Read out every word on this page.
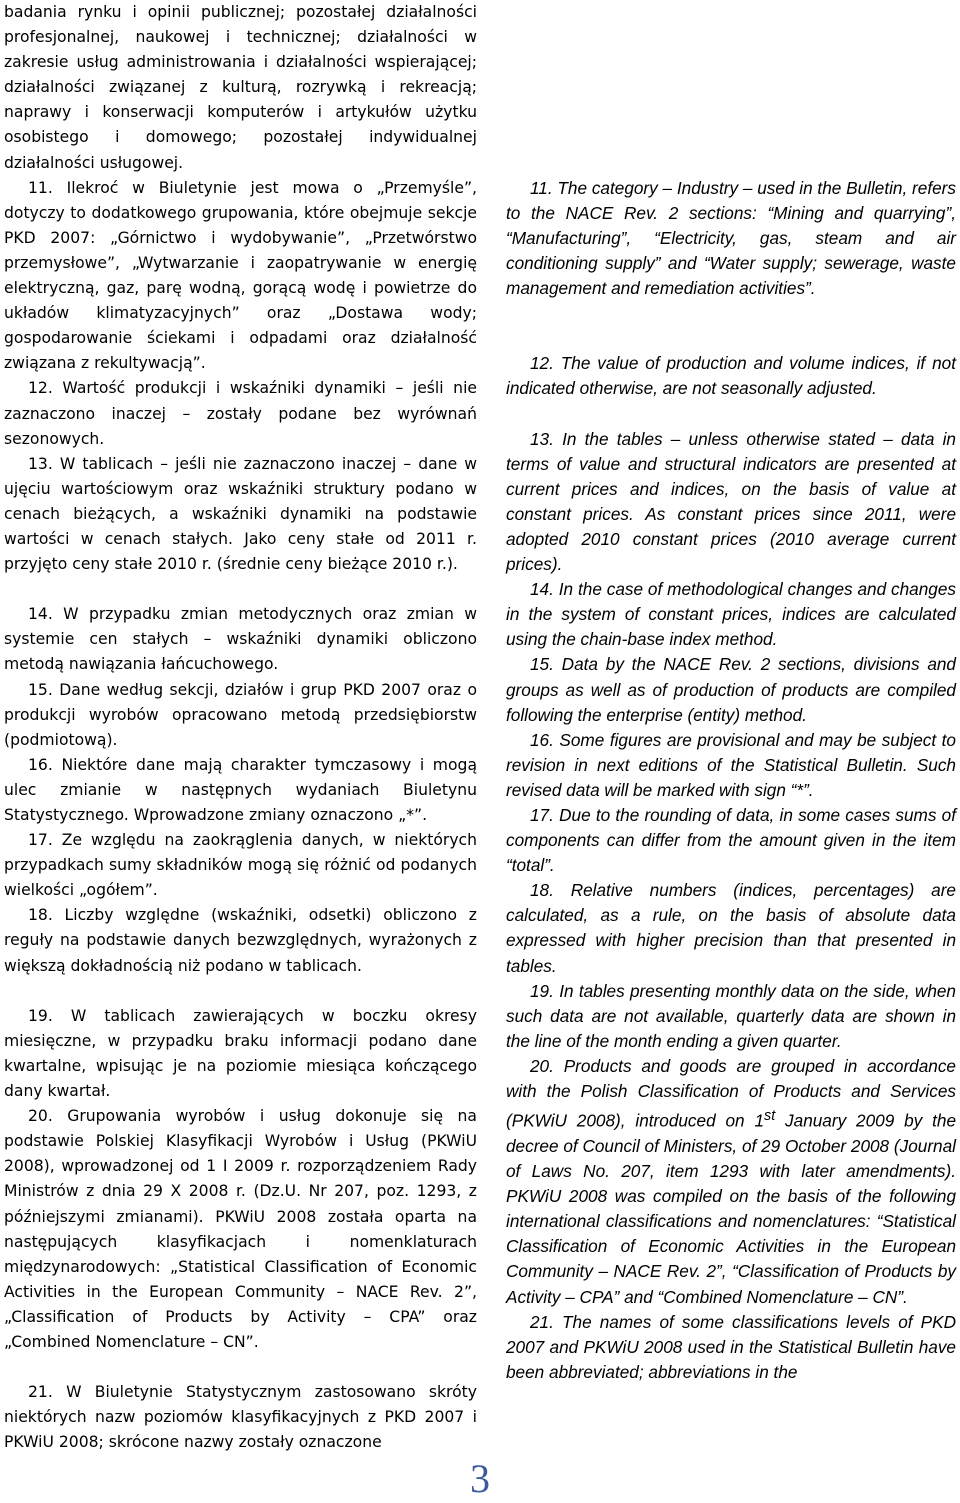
badania rynku i opinii publicznej; pozostałej działalności profesjonalnej, naukowej i technicznej; działalności w zakresie usług administrowania i działalności wspierającej; działalności związanej z kulturą, rozrywką i rekreacją; naprawy i konserwacji komputerów i artykułów użytku osobistego i domowego; pozostałej indywidualnej działalności usługowej.

11. Ilekroć w Biuletynie jest mowa o „Przemyśle”, dotyczy to dodatkowego grupowania, które obejmuje sekcje PKD 2007: „Górnictwo i wydobywanie”, „Przetwórstwo przemysłowe”, „Wytwarzanie i zaopatrywanie w energię elektryczną, gaz, parę wodną, gorącą wodę i powietrze do układów klimatyzacyjnych” oraz „Dostawa wody; gospodarowanie ściekami i odpadami oraz działalność związana z rekultywacją”.

12. Wartość produkcji i wskaźniki dynamiki – jeśli nie zaznaczono inaczej – zostały podane bez wyrównań sezonowych.

13. W tablicach – jeśli nie zaznaczono inaczej – dane w ujęciu wartościowym oraz wskaźniki struktury podano w cenach bieżących, a wskaźniki dynamiki na podstawie wartości w cenach stałych. Jako ceny stałe od 2011 r. przyjęto ceny stałe 2010 r. (średnie ceny bieżące 2010 r.).

14. W przypadku zmian metodycznych oraz zmian w systemie cen stałych – wskaźniki dynamiki obliczono metodą nawiązania łańcuchowego.

15. Dane według sekcji, działów i grup PKD 2007 oraz o produkcji wyrobów opracowano metodą przedsiębiorstw (podmiotową).

16. Niektóre dane mają charakter tymczasowy i mogą ulec zmianie w następnych wydaniach Biuletynu Statystycznego. Wprowadzone zmiany oznaczono „*”.

17. Ze względu na zaokrąglenia danych, w niektórych przypadkach sumy składników mogą się różnić od podanych wielkości „ogółem”.

18. Liczby względne (wskaźniki, odsetki) obliczono z reguły na podstawie danych bezwzględnych, wyrażonych z większą dokładnością niż podano w tablicach.

19. W tablicach zawierających w boczku okresy miesięczne, w przypadku braku informacji podano dane kwartalne, wpisując je na poziomie miesiąca kończącego dany kwartał.

20. Grupowania wyrobów i usług dokonuje się na podstawie Polskiej Klasyfikacji Wyrobów i Usług (PKWiU 2008), wprowadzonej od 1 I 2009 r. rozporządzeniem Rady Ministrów z dnia 29 X 2008 r. (Dz.U. Nr 207, poz. 1293, z późniejszymi zmianami). PKWiU 2008 została oparta na następujących klasyfikacjach i nomenklaturach międzynarodowych: „Statistical Classification of Economic Activities in the European Community – NACE Rev. 2”, „Classification of Products by Activity – CPA” oraz „Combined Nomenclature – CN”.

21. W Biuletynie Statystycznym zastosowano skróty niektórych nazw poziomów klasyfikacyjnych z PKD 2007 i PKWiU 2008; skrócone nazwy zostały oznaczone

11. The category – Industry – used in the Bulletin, refers to the NACE Rev. 2 sections: “Mining and quarrying”, “Manufacturing”, “Electricity, gas, steam and air conditioning supply” and “Water supply; sewerage, waste management and remediation activities”.

12. The value of production and volume indices, if not indicated otherwise, are not seasonally adjusted.

13. In the tables – unless otherwise stated – data in terms of value and structural indicators are presented at current prices and indices, on the basis of value at constant prices. As constant prices since 2011, were adopted 2010 constant prices (2010 average current prices).

14. In the case of methodological changes and changes in the system of constant prices, indices are calculated using the chain-base index method.

15. Data by the NACE Rev. 2 sections, divisions and groups as well as of production of products are compiled following the enterprise (entity) method.

16. Some figures are provisional and may be subject to revision in next editions of the Statistical Bulletin. Such revised data will be marked with sign “*”.

17. Due to the rounding of data, in some cases sums of components can differ from the amount given in the item “total”.

18. Relative numbers (indices, percentages) are calculated, as a rule, on the basis of absolute data expressed with higher precision than that presented in tables.

19. In tables presenting monthly data on the side, when such data are not available, quarterly data are shown in the line of the month ending a given quarter.

20. Products and goods are grouped in accordance with the Polish Classification of Products and Services (PKWiU 2008), introduced on 1st January 2009 by the decree of Council of Ministers, of 29 October 2008 (Journal of Laws No. 207, item 1293 with later amendments). PKWiU 2008 was compiled on the basis of the following international classifications and nomenclatures: “Statistical Classification of Economic Activities in the European Community – NACE Rev. 2”, “Classification of Products by Activity – CPA” and “Combined Nomenclature – CN”.

21. The names of some classifications levels of PKD 2007 and PKWiU 2008 used in the Statistical Bulletin have been abbreviated; abbreviations in the

3
